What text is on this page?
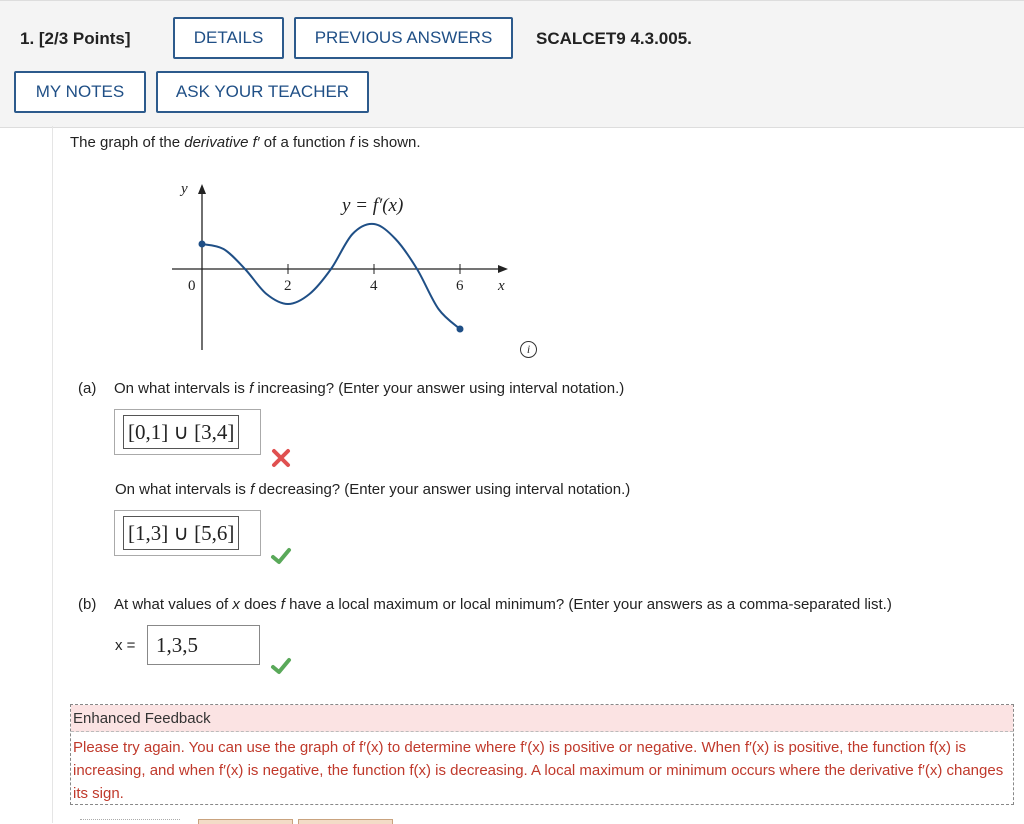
1. [2/3 Points]	DETAILS	PREVIOUS ANSWERS	SCALCET9 4.3.005.
MY NOTES	ASK YOUR TEACHER
The graph of the derivative f′ of a function f is shown.
0	2	4	6
y
x
y = f′(x)
i
(a) On what intervals is f increasing? (Enter your answer using interval notation.)
[0,1] ∪ [3,4]
On what intervals is f decreasing? (Enter your answer using interval notation.)
[1,3] ∪ [5,6]
(b) At what values of x does f have a local maximum or local minimum? (Enter your answers as a comma-separated list.)
x = 1,3,5
Enhanced Feedback
Please try again. You can use the graph of f′(x) to determine where f′(x) is positive or negative. When f′(x) is positive, the function f(x) is increasing, and when f′(x) is negative, the function f(x) is decreasing. A local maximum or minimum occurs where the derivative f′(x) changes its sign.
